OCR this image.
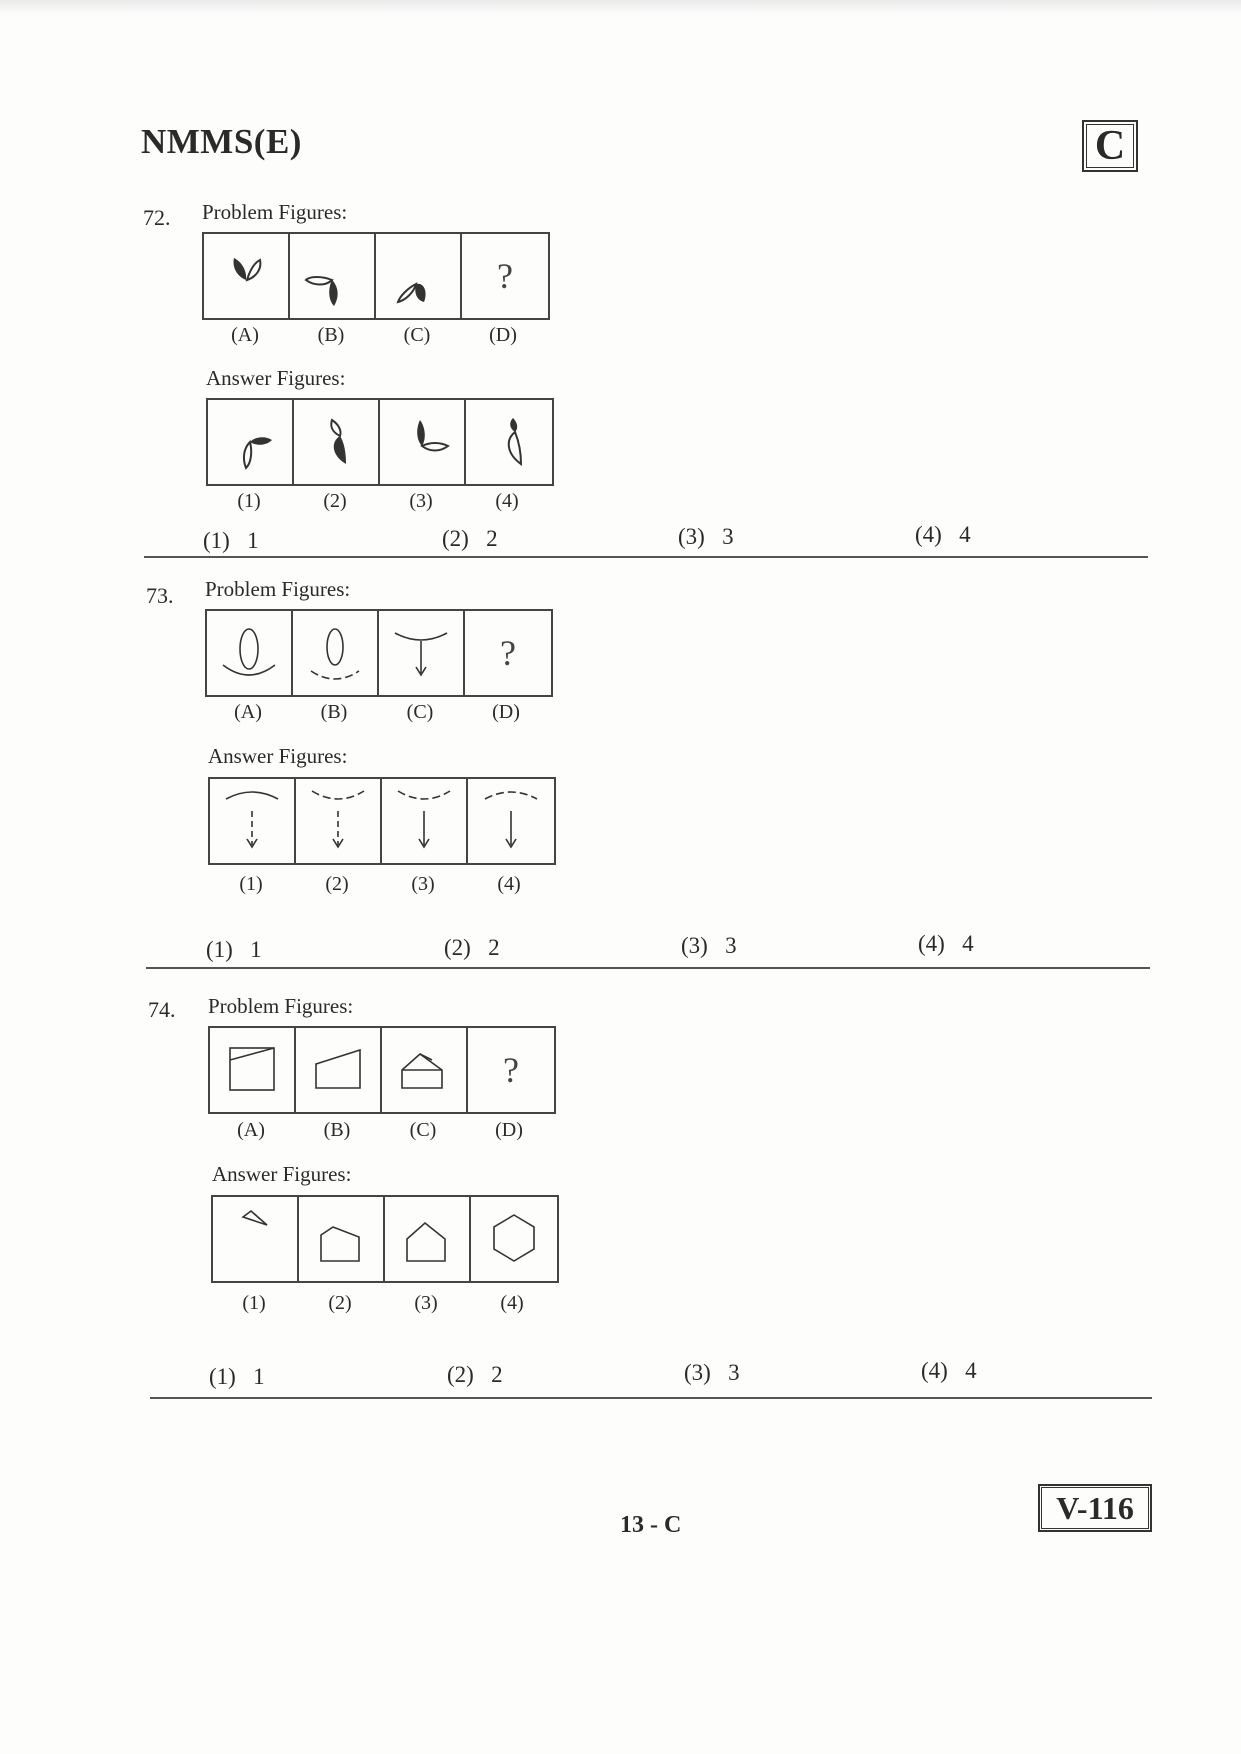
NMMS(E)	C
72. Problem Figures:
?
(A)	(B)	(C)	(D)
Answer Figures:
(1)	(2)	(3)	(4)
(1)   1	(2)   2	(3)   3	(4)   4
73. Problem Figures:
?
(A)	(B)	(C)	(D)
Answer Figures:
(1)	(2)	(3)	(4)
(1)   1	(2)   2	(3)   3	(4)   4
74. Problem Figures:
?
(A)	(B)	(C)	(D)
Answer Figures:
(1)	(2)	(3)	(4)
(1)   1	(2)   2	(3)   3	(4)   4
13 - C	V-116
